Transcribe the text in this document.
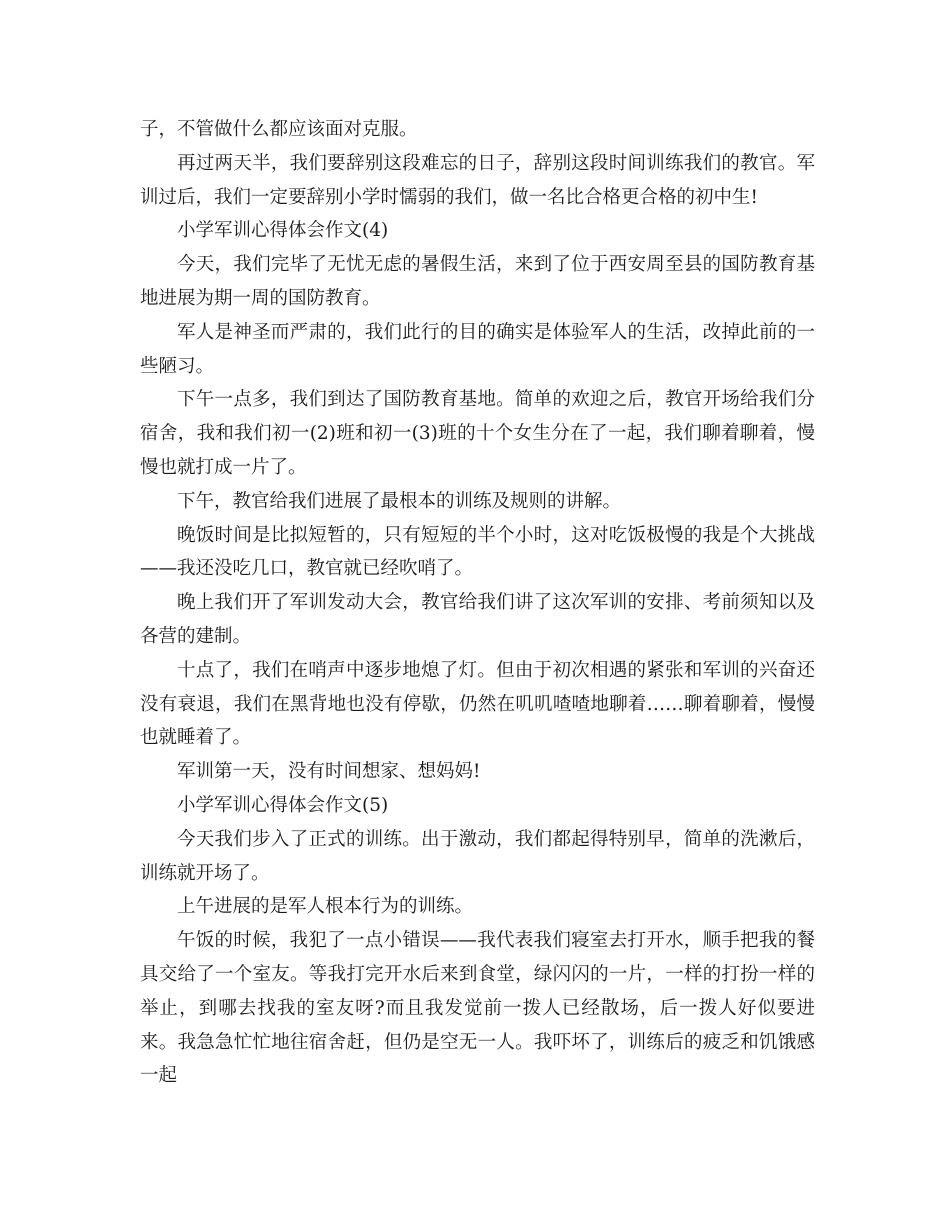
子，不管做什么都应该面对克服。

再过两天半，我们要辞别这段难忘的日子，辞别这段时间训练我们的教官。军训过后，我们一定要辞别小学时懦弱的我们，做一名比合格更合格的初中生!

小学军训心得体会作文(4)

今天，我们完毕了无忧无虑的暑假生活，来到了位于西安周至县的国防教育基地进展为期一周的国防教育。

军人是神圣而严肃的，我们此行的目的确实是体验军人的生活，改掉此前的一些陋习。

下午一点多，我们到达了国防教育基地。简单的欢迎之后，教官开场给我们分宿舍，我和我们初一(2)班和初一(3)班的十个女生分在了一起，我们聊着聊着，慢慢也就打成一片了。

下午，教官给我们进展了最根本的训练及规则的讲解。

晚饭时间是比拟短暂的，只有短短的半个小时，这对吃饭极慢的我是个大挑战——我还没吃几口，教官就已经吹哨了。

晚上我们开了军训发动大会，教官给我们讲了这次军训的安排、考前须知以及各营的建制。

十点了，我们在哨声中逐步地熄了灯。但由于初次相遇的紧张和军训的兴奋还没有衰退，我们在黑背地也没有停歇，仍然在叽叽喳喳地聊着……聊着聊着，慢慢也就睡着了。

军训第一天，没有时间想家、想妈妈!

小学军训心得体会作文(5)

今天我们步入了正式的训练。出于激动，我们都起得特别早，简单的洗漱后，训练就开场了。

上午进展的是军人根本行为的训练。

午饭的时候，我犯了一点小错误——我代表我们寝室去打开水，顺手把我的餐具交给了一个室友。等我打完开水后来到食堂，绿闪闪的一片，一样的打扮一样的举止，到哪去找我的室友呀?而且我发觉前一拨人已经散场，后一拨人好似要进来。我急急忙忙地往宿舍赶，但仍是空无一人。我吓坏了，训练后的疲乏和饥饿感一起
